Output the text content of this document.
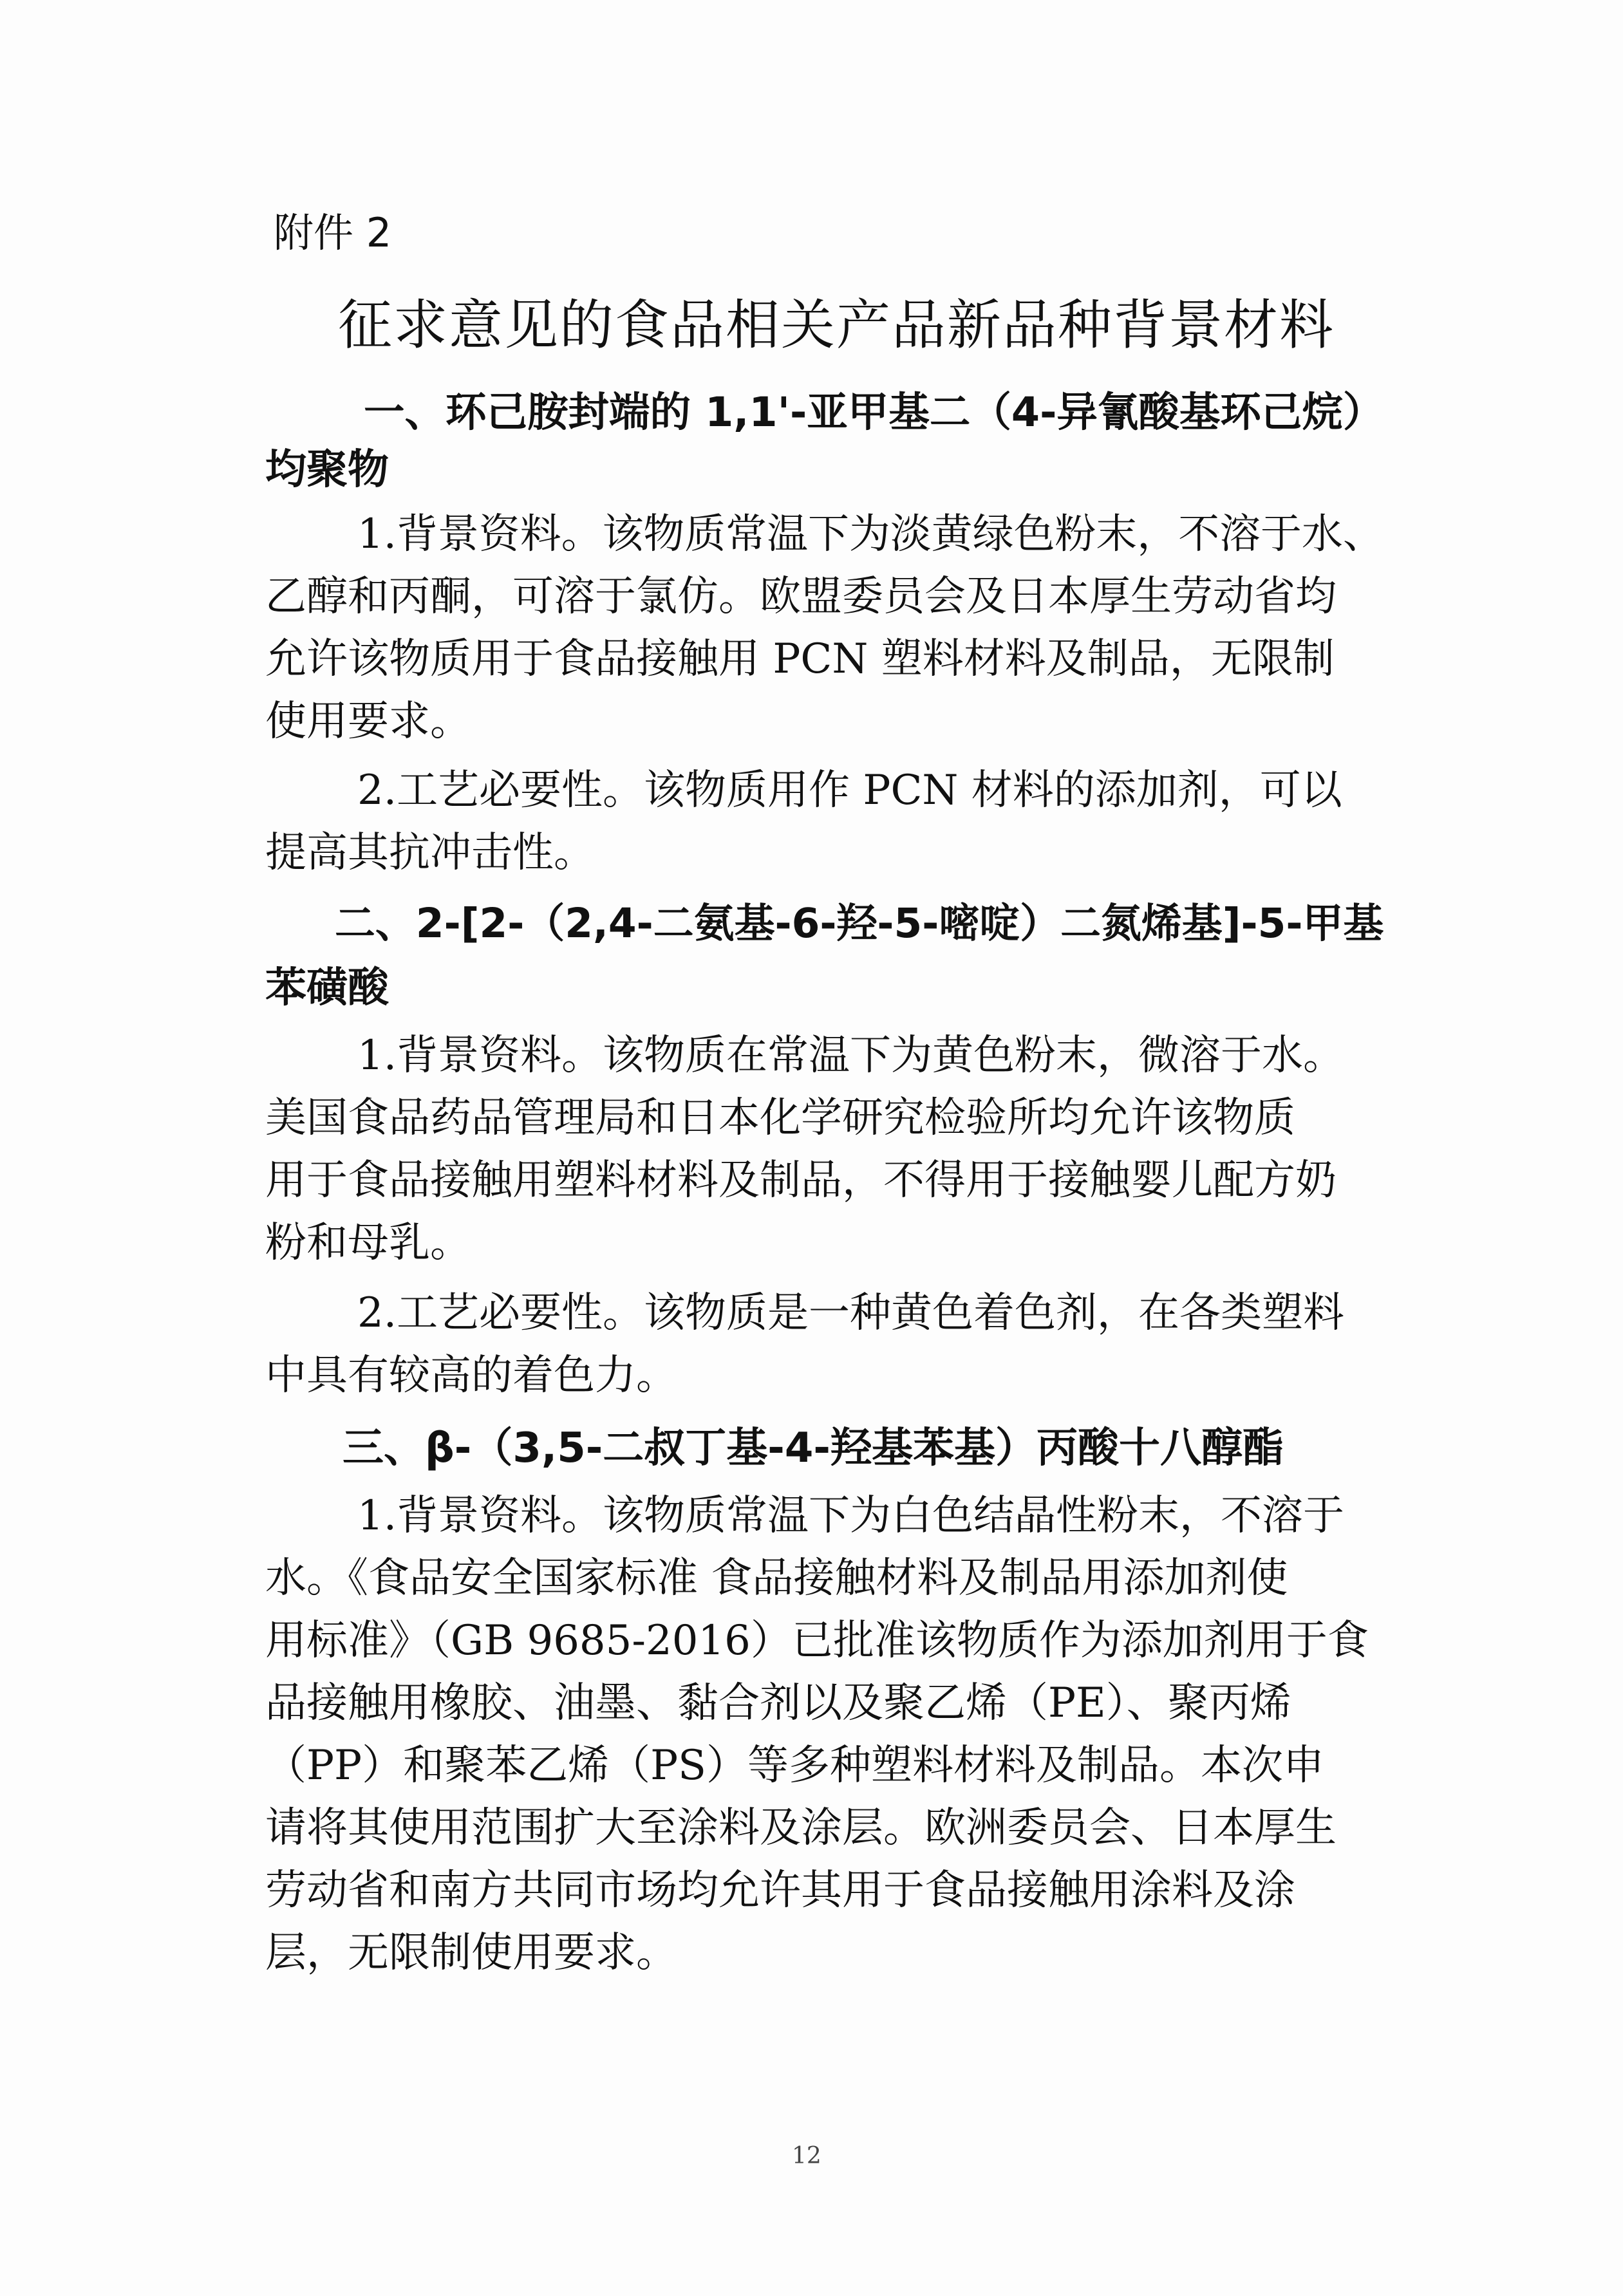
附件 2
征求意见的食品相关产品新品种背景材料
一、环己胺封端的 1,1'-亚甲基二（4-异氰酸基环己烷）
均聚物
1.背景资料。该物质常温下为淡黄绿色粉末，不溶于水、
乙醇和丙酮，可溶于氯仿。欧盟委员会及日本厚生劳动省均
允许该物质用于食品接触用 PCN 塑料材料及制品，无限制
使用要求。
2.工艺必要性。该物质用作 PCN 材料的添加剂，可以
提高其抗冲击性。
二、2-[2-（2,4-二氨基-6-羟-5-嘧啶）二氮烯基]-5-甲基
苯磺酸
1.背景资料。该物质在常温下为黄色粉末，微溶于水。
美国食品药品管理局和日本化学研究检验所均允许该物质
用于食品接触用塑料材料及制品，不得用于接触婴儿配方奶
粉和母乳。
2.工艺必要性。该物质是一种黄色着色剂，在各类塑料
中具有较高的着色力。
三、β-（3,5-二叔丁基-4-羟基苯基）丙酸十八醇酯
1.背景资料。该物质常温下为白色结晶性粉末，不溶于
水。《食品安全国家标准 食品接触材料及制品用添加剂使
用标准》（GB 9685-2016）已批准该物质作为添加剂用于食
品接触用橡胶、油墨、黏合剂以及聚乙烯（PE）、聚丙烯
（PP）和聚苯乙烯（PS）等多种塑料材料及制品。本次申
请将其使用范围扩大至涂料及涂层。欧洲委员会、日本厚生
劳动省和南方共同市场均允许其用于食品接触用涂料及涂
层，无限制使用要求。
12
